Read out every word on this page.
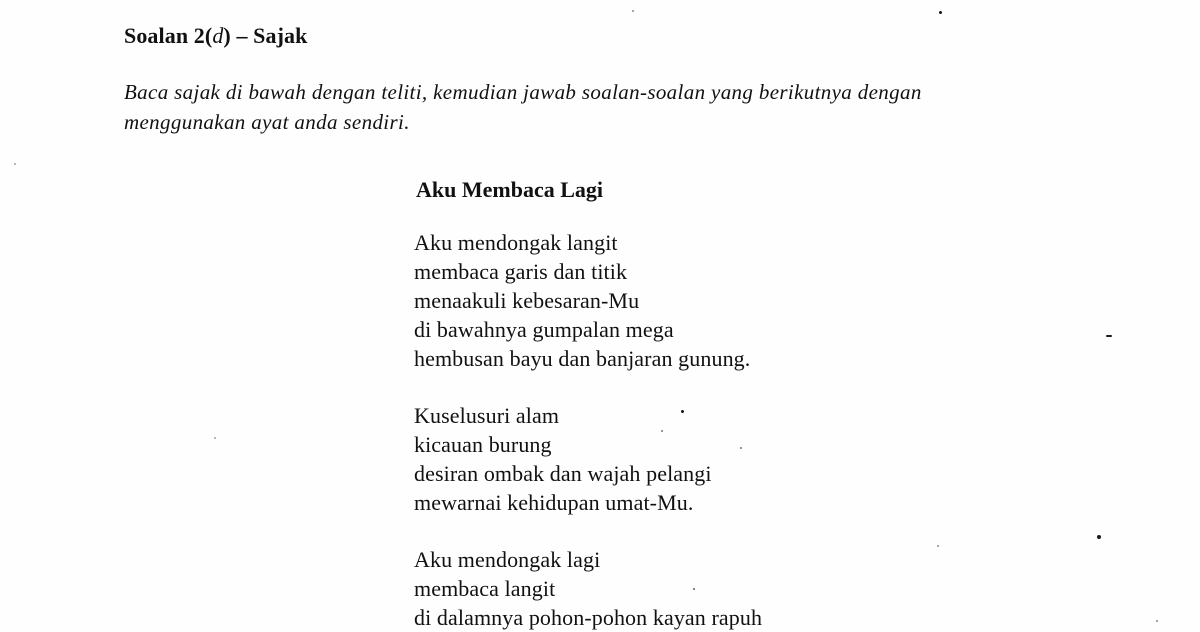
Soalan 2(d) – Sajak
Baca sajak di bawah dengan teliti, kemudian jawab soalan-soalan yang berikutnya dengan
menggunakan ayat anda sendiri.
Aku Membaca Lagi
Aku mendongak langit
membaca garis dan titik
menaakuli kebesaran-Mu
di bawahnya gumpalan mega
hembusan bayu dan banjaran gunung.
Kuselusuri alam
kicauan burung
desiran ombak dan wajah pelangi
mewarnai kehidupan umat-Mu.
Aku mendongak lagi
membaca langit
di dalamnya pohon-pohon kayan rapuh
